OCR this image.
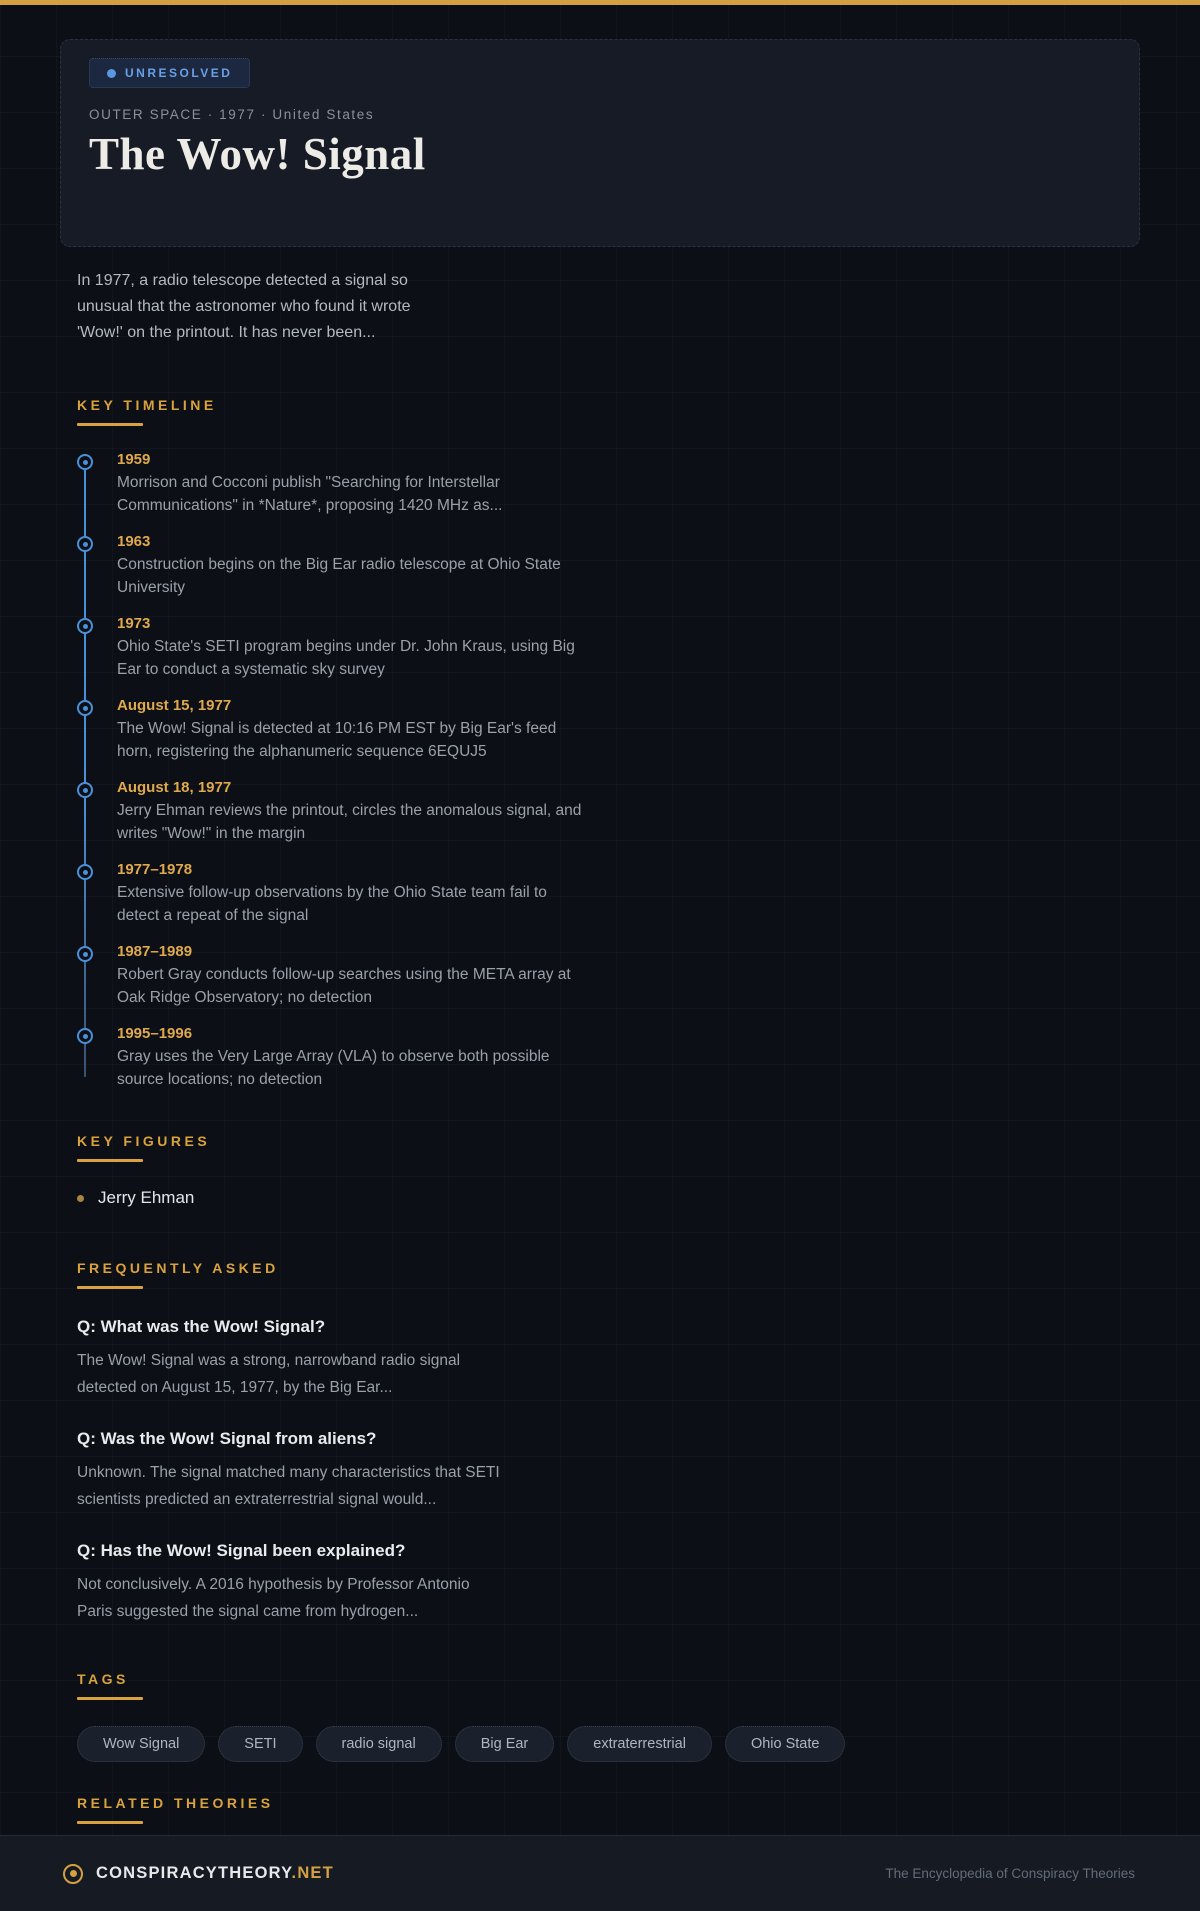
UNRESOLVED
OUTER SPACE · 1977 · United States
The Wow! Signal

In 1977, a radio telescope detected a signal so unusual that the astronomer who found it wrote 'Wow!' on the printout. It has never been...

KEY TIMELINE
1959
Morrison and Cocconi publish "Searching for Interstellar Communications" in *Nature*, proposing 1420 MHz as...
1963
Construction begins on the Big Ear radio telescope at Ohio State University
1973
Ohio State's SETI program begins under Dr. John Kraus, using Big Ear to conduct a systematic sky survey
August 15, 1977
The Wow! Signal is detected at 10:16 PM EST by Big Ear's feed horn, registering the alphanumeric sequence 6EQUJ5
August 18, 1977
Jerry Ehman reviews the printout, circles the anomalous signal, and writes "Wow!" in the margin
1977–1978
Extensive follow-up observations by the Ohio State team fail to detect a repeat of the signal
1987–1989
Robert Gray conducts follow-up searches using the META array at Oak Ridge Observatory; no detection
1995–1996
Gray uses the Very Large Array (VLA) to observe both possible source locations; no detection
KEY FIGURES
Jerry Ehman
FREQUENTLY ASKED
Q: What was the Wow! Signal?
The Wow! Signal was a strong, narrowband radio signal detected on August 15, 1977, by the Big Ear...
Q: Was the Wow! Signal from aliens?
Unknown. The signal matched many characteristics that SETI scientists predicted an extraterrestrial signal would...
Q: Has the Wow! Signal been explained?
Not conclusively. A 2016 hypothesis by Professor Antonio Paris suggested the signal came from hydrogen...
TAGS
Wow Signal	SETI	radio signal	Big Ear	extraterrestrial	Ohio State
RELATED THEORIES
CONSPIRACYTHEORY.NET	The Encyclopedia of Conspiracy Theories
